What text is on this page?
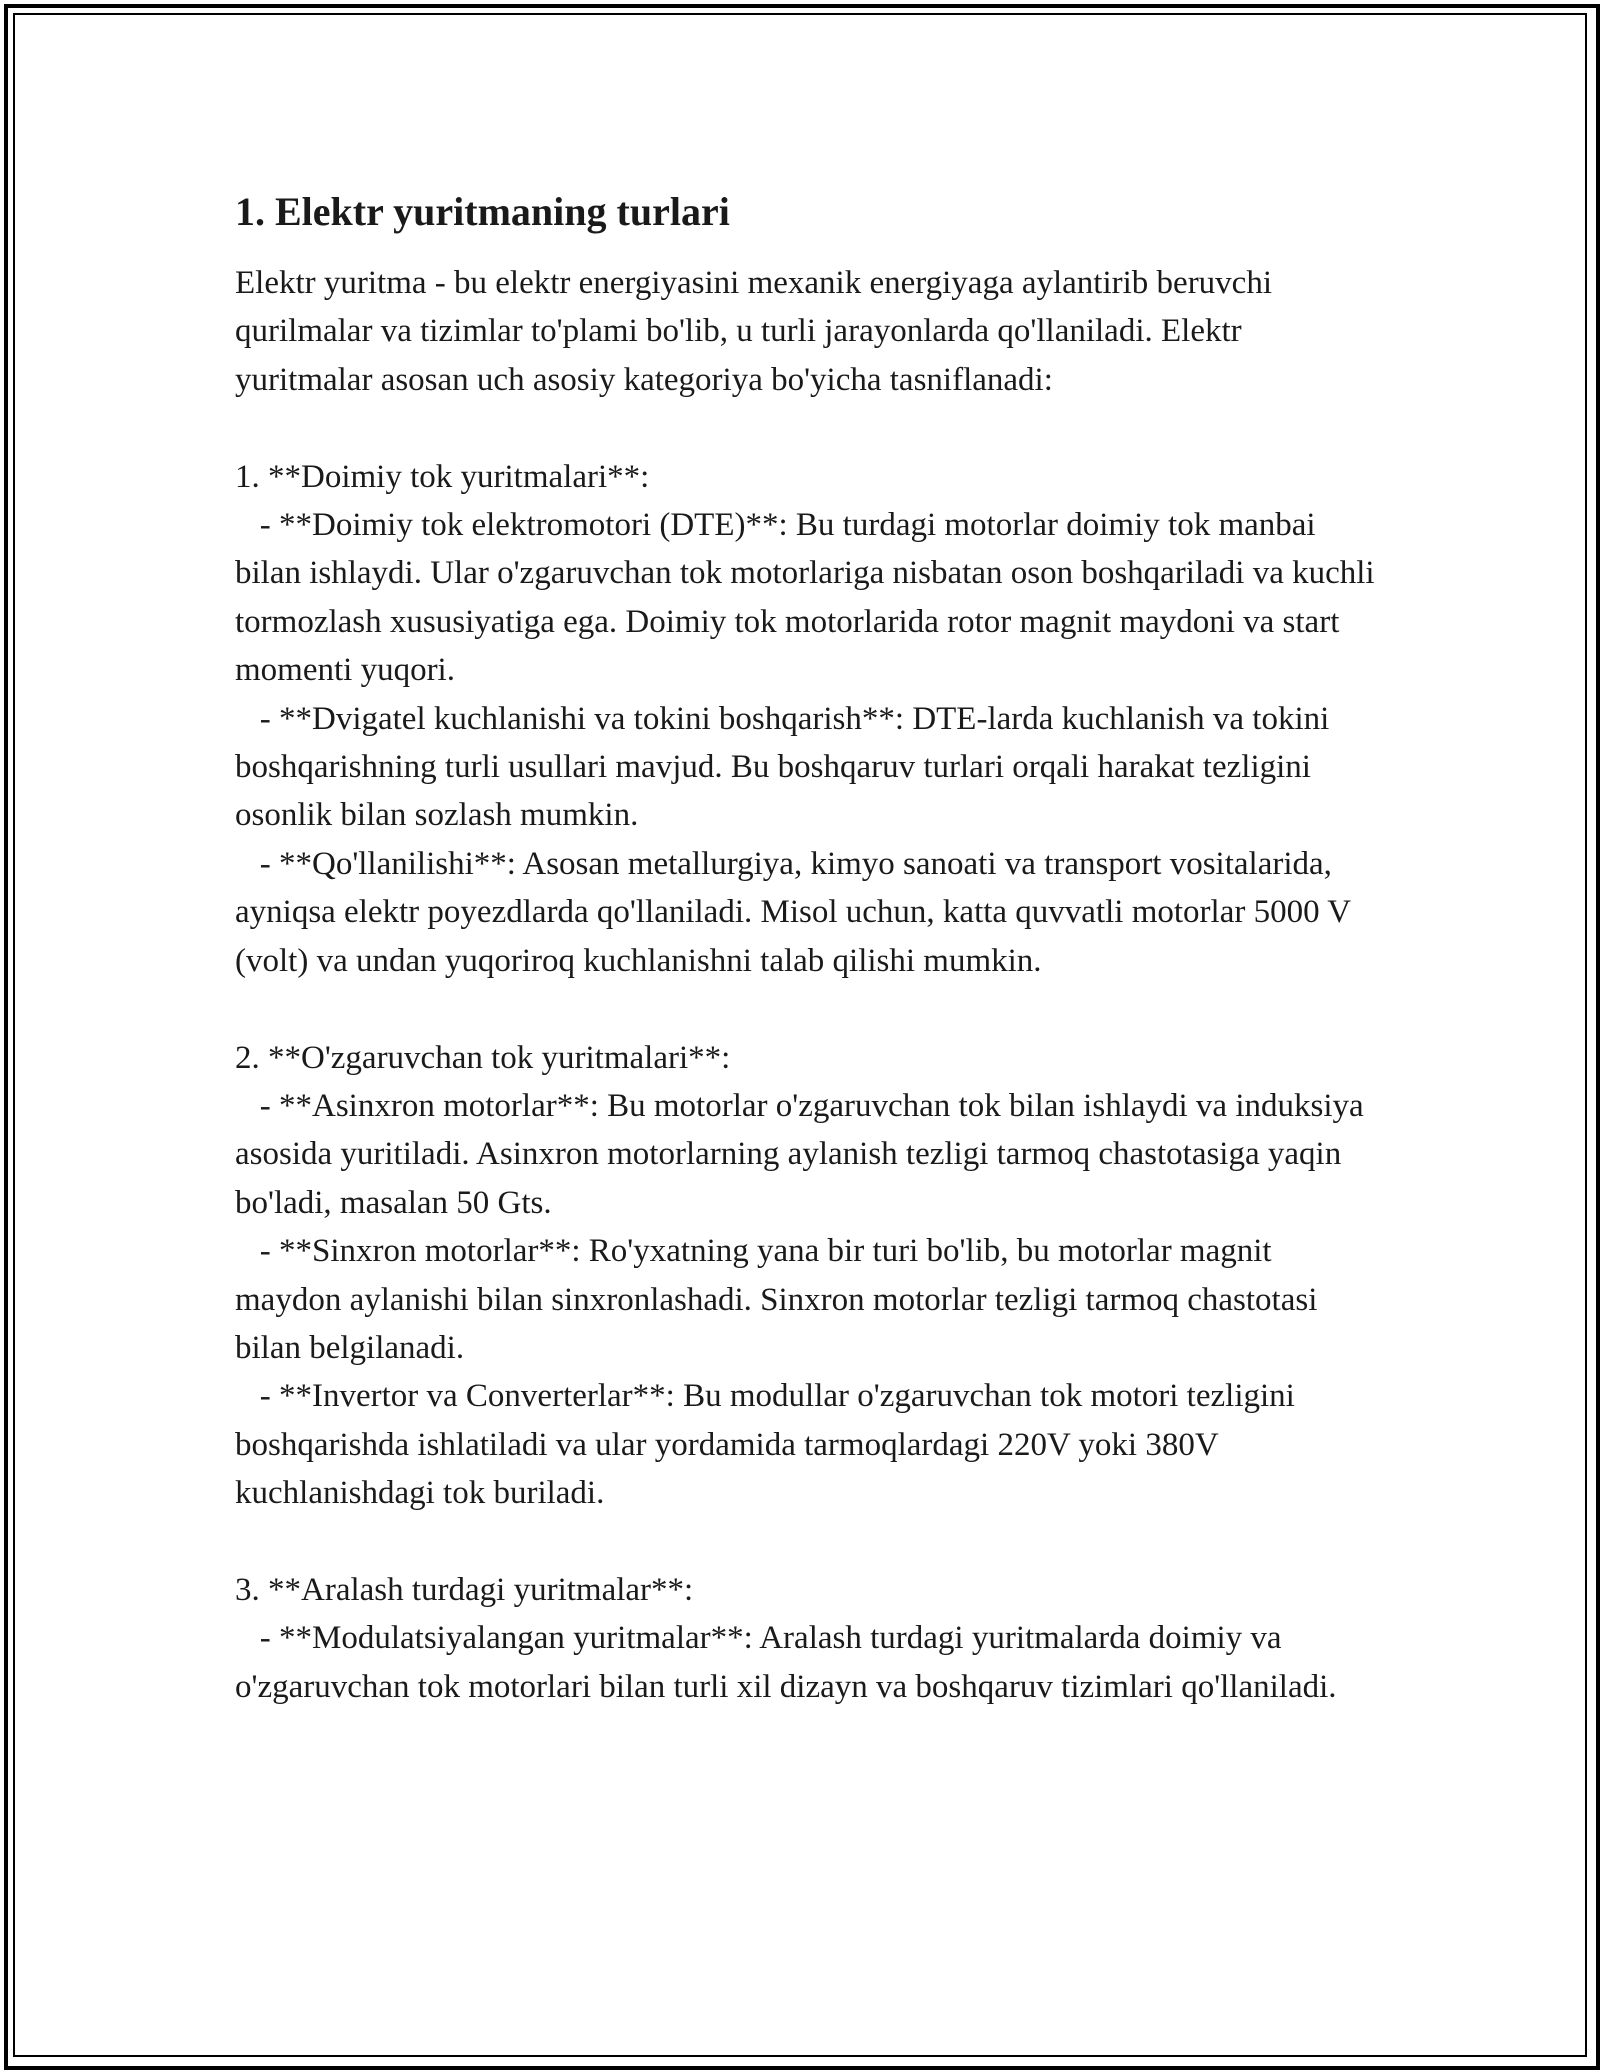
1. Elektr yuritmaning turlari

Elektr yuritma - bu elektr energiyasini mexanik energiyaga aylantirib beruvchi qurilmalar va tizimlar to'plami bo'lib, u turli jarayonlarda qo'llaniladi. Elektr yuritmalar asosan uch asosiy kategoriya bo'yicha tasniflanadi:

1. **Doimiy tok yuritmalari**:
- **Doimiy tok elektromotori (DTE)**: Bu turdagi motorlar doimiy tok manbai bilan ishlaydi. Ular o'zgaruvchan tok motorlariga nisbatan oson boshqariladi va kuchli tormozlash xususiyatiga ega. Doimiy tok motorlarida rotor magnit maydoni va start momenti yuqori.
- **Dvigatel kuchlanishi va tokini boshqarish**: DTE-larda kuchlanish va tokini boshqarishning turli usullari mavjud. Bu boshqaruv turlari orqali harakat tezligini osonlik bilan sozlash mumkin.
- **Qo'llanilishi**: Asosan metallurgiya, kimyo sanoati va transport vositalarida, ayniqsa elektr poyezdlarda qo'llaniladi. Misol uchun, katta quvvatli motorlar 5000 V (volt) va undan yuqoriroq kuchlanishni talab qilishi mumkin.

2. **O'zgaruvchan tok yuritmalari**:
- **Asinxron motorlar**: Bu motorlar o'zgaruvchan tok bilan ishlaydi va induksiya asosida yuritiladi. Asinxron motorlarning aylanish tezligi tarmoq chastotasiga yaqin bo'ladi, masalan 50 Gts.
- **Sinxron motorlar**: Ro'yxatning yana bir turi bo'lib, bu motorlar magnit maydon aylanishi bilan sinxronlashadi. Sinxron motorlar tezligi tarmoq chastotasi bilan belgilanadi.
- **Invertor va Converterlar**: Bu modullar o'zgaruvchan tok motori tezligini boshqarishda ishlatiladi va ular yordamida tarmoqlardagi 220V yoki 380V kuchlanishdagi tok buriladi.

3. **Aralash turdagi yuritmalar**:
- **Modulatsiyalangan yuritmalar**: Aralash turdagi yuritmalarda doimiy va o'zgaruvchan tok motorlari bilan turli xil dizayn va boshqaruv tizimlari qo'llaniladi.
